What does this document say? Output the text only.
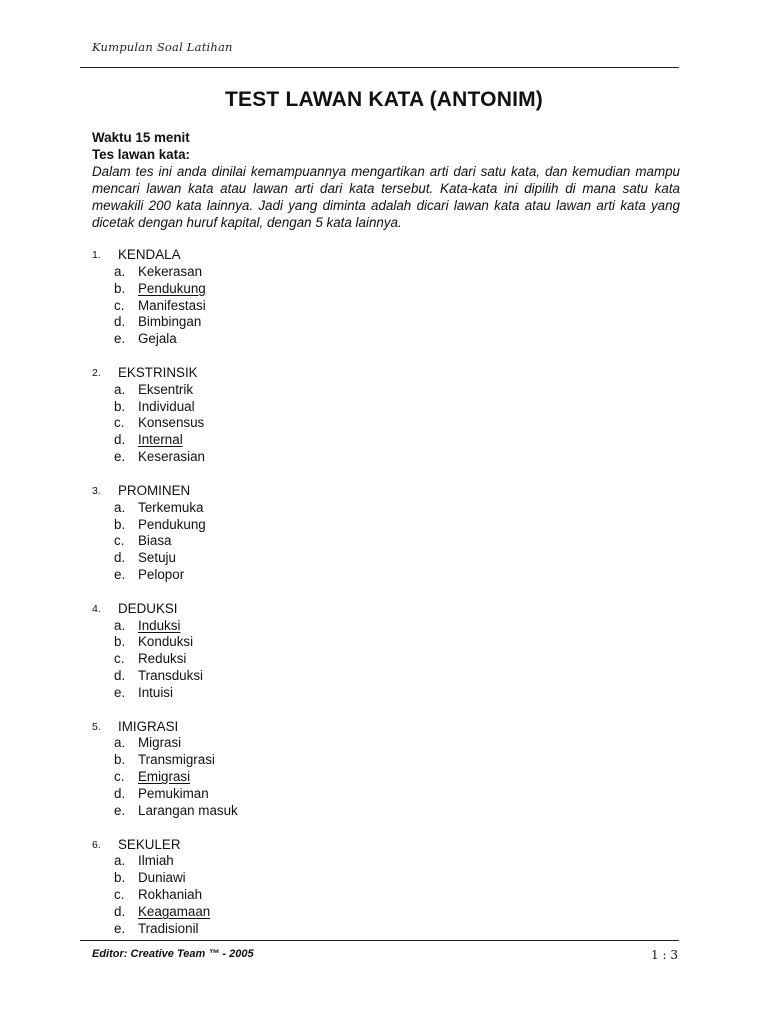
Kumpulan Soal Latihan
TEST LAWAN KATA (ANTONIM)
Waktu 15 menit
Tes lawan kata:
Dalam tes ini anda dinilai kemampuannya mengartikan arti dari satu kata, dan kemudian mampu mencari lawan kata atau lawan arti dari kata tersebut. Kata-kata ini dipilih di mana satu kata mewakili 200 kata lainnya. Jadi yang diminta adalah dicari lawan kata atau lawan arti kata yang dicetak dengan huruf kapital, dengan 5 kata lainnya.
1.	KENDALA
a. Kekerasan
b. Pendukung
c.	Manifestasi
d. Bimbingan
e. Gejala
2.	EKSTRINSIK
a. Eksentrik
b. Individual
c.	Konsensus
d. Internal
e. Keserasian
3.	PROMINEN
a. Terkemuka
b. Pendukung
c.	Biasa
d. Setuju
e. Pelopor
4.	DEDUKSI
a. Induksi
b. Konduksi
c.	Reduksi
d. Transduksi
e. Intuisi
5.	IMIGRASI
a. Migrasi
b. Transmigrasi
c.	Emigrasi
d. Pemukiman
e. Larangan masuk
6.	SEKULER
a. Ilmiah
b. Duniawi
c.	Rokhaniah
d. Keagamaan
e. Tradisionil
Editor: Creative Team ™ - 2005	1 : 3
